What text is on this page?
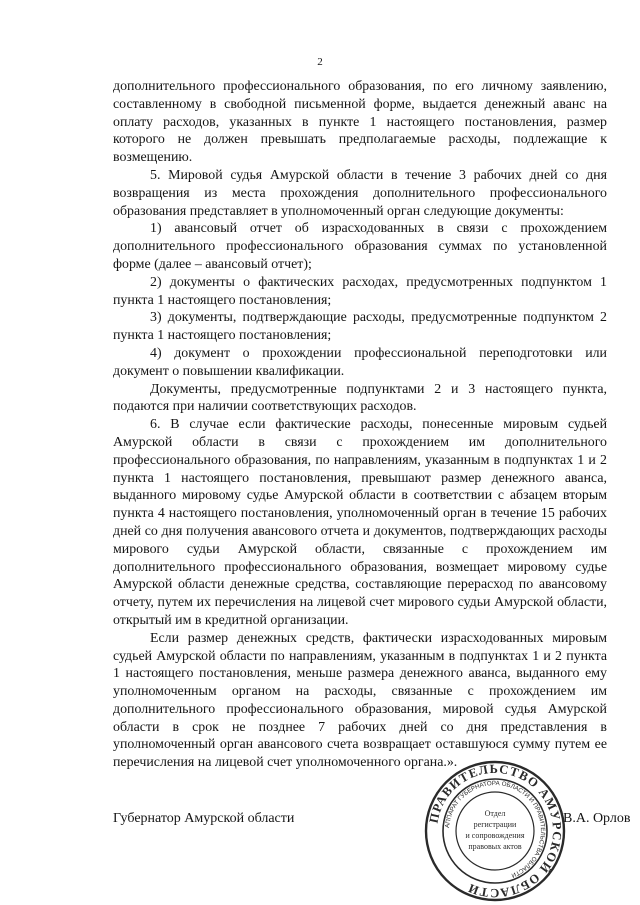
2

дополнительного профессионального образования, по его личному заявлению, составленному в свободной письменной форме, выдается денежный аванс на оплату расходов, указанных в пункте 1 настоящего постановления, размер которого не должен превышать предполагаемые расходы, подлежащие к возмещению.

5. Мировой судья Амурской области в течение 3 рабочих дней со дня возвращения из места прохождения дополнительного профессионального образования представляет в уполномоченный орган следующие документы:

1) авансовый отчет об израсходованных в связи с прохождением дополнительного профессионального образования суммах по установленной форме (далее – авансовый отчет);

2) документы о фактических расходах, предусмотренных подпунктом 1 пункта 1 настоящего постановления;

3) документы, подтверждающие расходы, предусмотренные подпунктом 2 пункта 1 настоящего постановления;

4) документ о прохождении профессиональной переподготовки или документ о повышении квалификации.

Документы, предусмотренные подпунктами 2 и 3 настоящего пункта, подаются при наличии соответствующих расходов.

6. В случае если фактические расходы, понесенные мировым судьей Амурской области в связи с прохождением им дополнительного профессионального образования, по направлениям, указанным в подпунктах 1 и 2 пункта 1 настоящего постановления, превышают размер денежного аванса, выданного мировому судье Амурской области в соответствии с абзацем вторым пункта 4 настоящего постановления, уполномоченный орган в течение 15 рабочих дней со дня получения авансового отчета и документов, подтверждающих расходы мирового судьи Амурской области, связанные с прохождением им дополнительного профессионального образования, возмещает мировому судье Амурской области денежные средства, составляющие перерасход по авансовому отчету, путем их перечисления на лицевой счет мирового судьи Амурской области, открытый им в кредитной организации.

Если размер денежных средств, фактически израсходованных мировым судьей Амурской области по направлениям, указанным в подпунктах 1 и 2 пункта 1 настоящего постановления, меньше размера денежного аванса, выданного ему уполномоченным органом на расходы, связанные с прохождением им дополнительного профессионального образования, мировой судья Амурской области в срок не позднее 7 рабочих дней со дня представления в уполномоченный орган авансового счета возвращает оставшуюся сумму путем ее перечисления на лицевой счет уполномоченного органа.».

Губернатор Амурской области	ПРАВИТЕЛЬСТВО АМУРСКОЙ ОБЛАСТИ
АППАРАТ ГУБЕРНАТОРА ОБЛАСТИ И ПРАВИТЕЛЬСТВА ОБЛАСТИ
Отдел
регистрации
и сопровождения
правовых актов
В.А. Орлов
